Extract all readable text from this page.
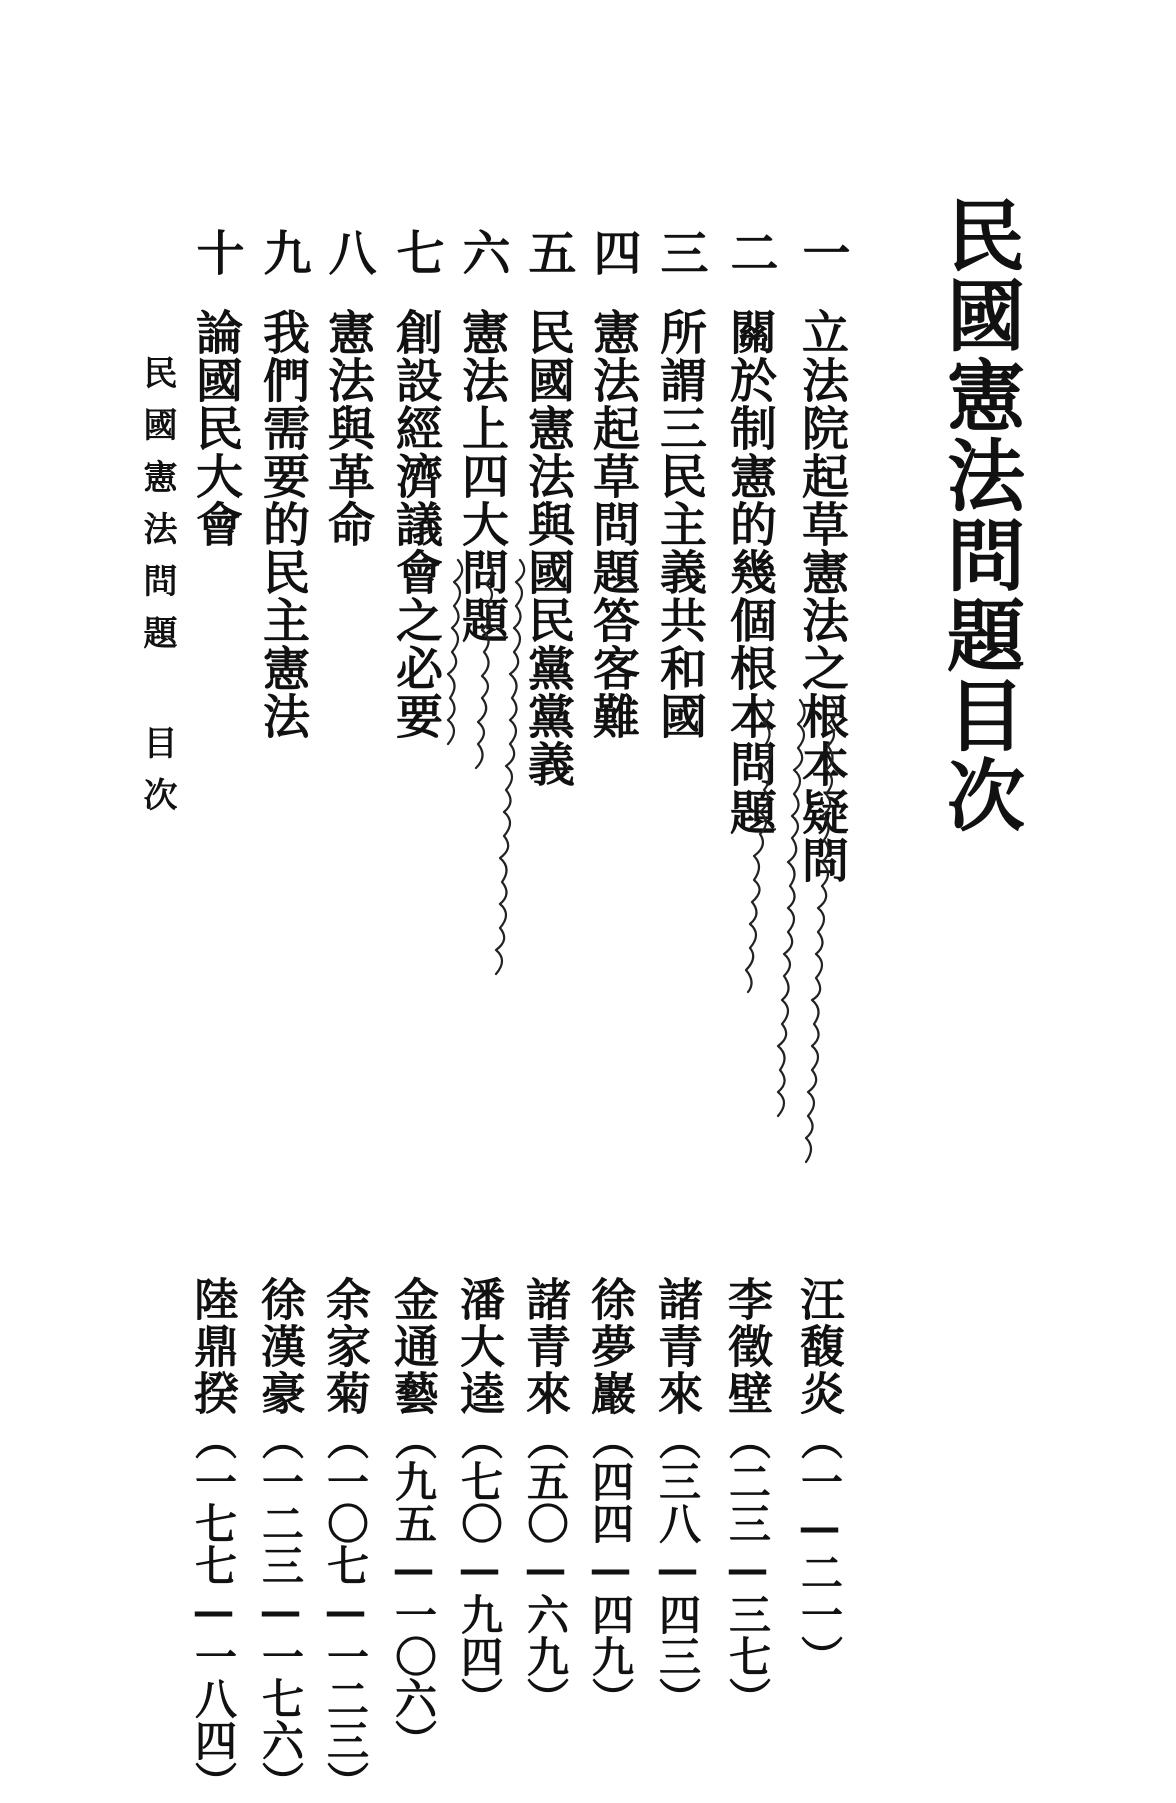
民國憲法問題目次
一
立法院起草憲法之根本疑問
汪馥炎
（一—二一）
二
關於制憲的幾個根本問題
李徵壁
（二三—三七）
三
所謂三民主義共和國
諸青來
（三八—四三）
四
憲法起草問題答客難
徐夢巖
（四四—四九）
五
民國憲法與國民黨黨義
諸青來
（五〇—六九）
六
憲法上四大問題
潘大逵
（七〇—九四）
七
創設經濟議會之必要
金通藝
（九五—一〇六）
八
憲法與革命
余家菊
（一〇七—一二三）
九
我們需要的民主憲法
徐漢豪
（一二三—一七六）
十
論國民大會
陸鼎揆
（一七七—一八四）
民國憲法問題 目次
